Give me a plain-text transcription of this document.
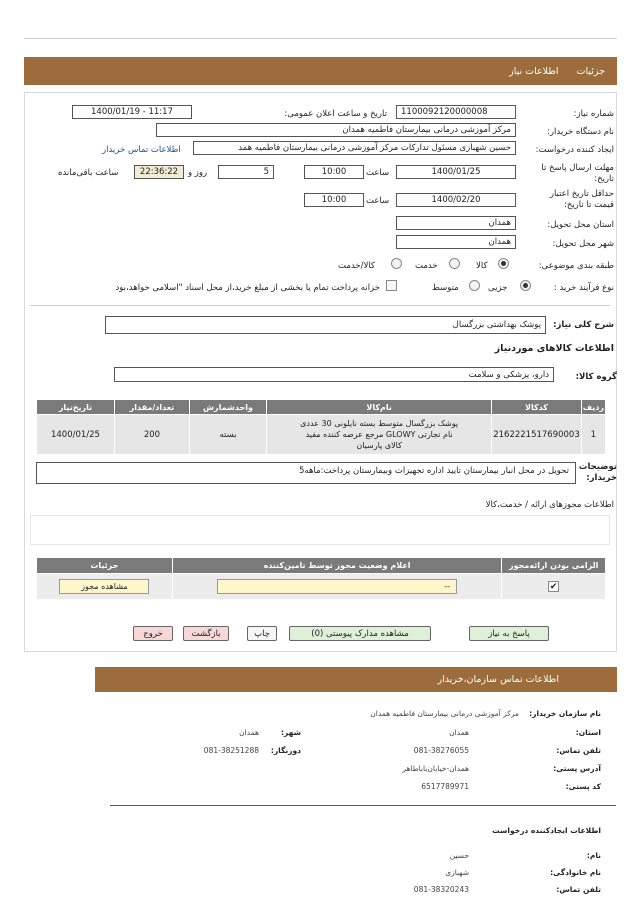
جزئیات
اطلاعات نیاز
شماره نیاز:
1100092120000008
تاریخ و ساعت اعلان عمومی:
1400/01/19 - 11:17
نام دستگاه خریدار:
مرکز آموزشی درمانی بیمارستان فاطمیه همدان
ایجاد کننده درخواست:
حسین شهبازی مسئول تدارکات مرکز آموزشی درمانی بیمارستان فاطمیه همد
اطلاعات تماس خریدار
مهلت ارسال پاسخ تا تاریخ:
1400/01/25
ساعت
10:00
5
روز و
22:36:22
ساعت باقی‌مانده
حداقل تاریخ اعتبار قیمت تا تاریخ:
1400/02/20
ساعت
10:00
استان محل تحویل:
همدان
شهر محل تحویل:
همدان
طبقه بندی موضوعی:
کالا
خدمت
کالا/خدمت
نوع فرآیند خرید :
جزیی
متوسط
خزانه پرداخت تمام یا بخشی از مبلغ خرید،از محل اسناد "اسلامی خواهد،بود
شرح کلی نیاز:
پوشک بهداشتی بزرگسال
اطلاعات کالاهای موردنیاز
گروه کالا:
دارو، پزشکی و سلامت
ردیف	کدکالا	نام‌کالا	واحدشمارش	تعداد/مقدار	تاریخ‌نیاز
1	2162221517690003	پوشک بزرگسال متوسط بسته نایلونی 30 عددی نام تجارتی GLOWY مرجع عرضه کننده مفید کالای پارسیان	بسته	200	1400/01/25
توضیحات خریدار:
تحویل در محل انبار بیمارستان تایید اداره تجهیزات وبیمارستان پرداخت:ماهه5
اطلاعات مجوزهای ارائه / خدمت،کالا
الزامی بودن ارائه‌مجوز	اعلام وضعیت مجوز توسط تامین‌کننده	جزئیات
✔	--	مشاهده مجوز
پاسخ به نیاز
مشاهده مدارک پیوستی (0)
چاپ
بازگشت
خروج
اطلاعات تماس سازمان،خریدار
نام سازمان خریدار:
مرکز آموزشی درمانی بیمارستان فاطمیه همدان
استان:
همدان
شهر:
همدان
تلفن تماس:
081-38276055
دورنگار:
081-38251288
آدرس پستی:
همدان-خیابان‌باباطاهر
کد پستی:
6517789971
اطلاعات ایجادکننده درخواست
نام:
حسین
نام خانوادگی:
شهبازی
تلفن تماس:
081-38320243
